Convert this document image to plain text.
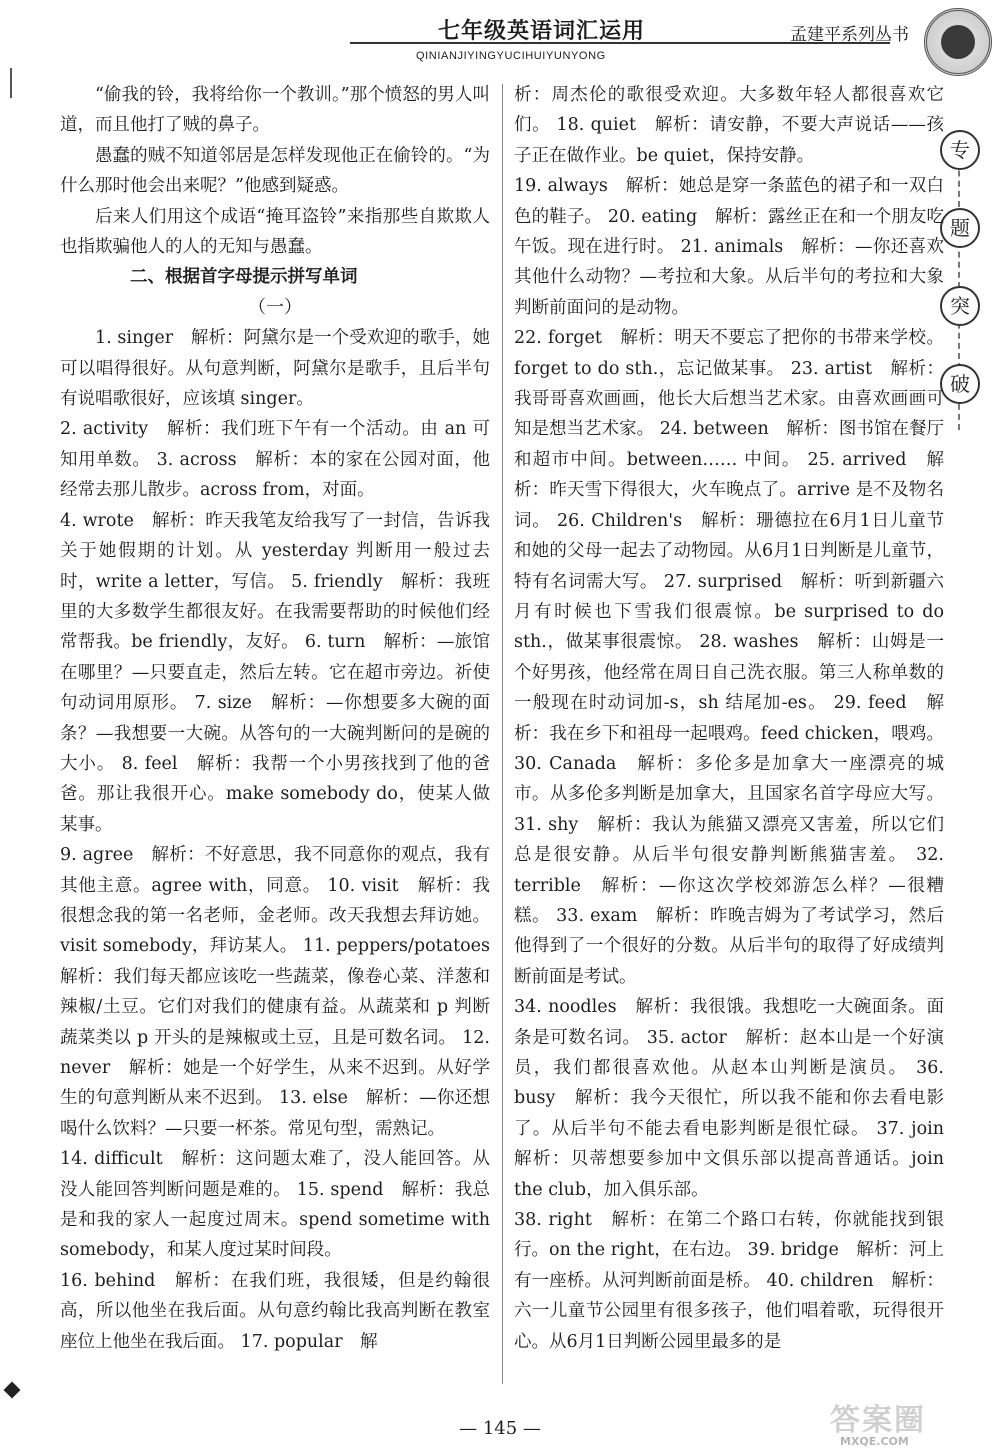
七年级英语词汇运用
QINIANJIYINGYUCIHUIYUNYONG
孟建平系列丛书
专
题
突
破

“偷我的铃，我将给你一个教训。”那个愤怒的男人叫道，而且他打了贼的鼻子。

愚蠢的贼不知道邻居是怎样发现他正在偷铃的。“为什么那时他会出来呢？”他感到疑惑。

后来人们用这个成语“掩耳盗铃”来指那些自欺欺人也指欺骗他人的人的无知与愚蠢。

二、根据首字母提示拼写单词

（一）

1. singer　解析：阿黛尔是一个受欢迎的歌手，她可以唱得很好。从句意判断，阿黛尔是歌手，且后半句有说唱歌很好，应该填 singer。

2. activity　解析：我们班下午有一个活动。由 an 可知用单数。 3. across　解析：本的家在公园对面，他经常去那儿散步。across from，对面。

4. wrote　解析：昨天我笔友给我写了一封信，告诉我关于她假期的计划。从 yesterday 判断用一般过去时，write a letter，写信。 5. friendly　解析：我班里的大多数学生都很友好。在我需要帮助的时候他们经常帮我。be friendly，友好。 6. turn　解析：—旅馆在哪里？—只要直走，然后左转。它在超市旁边。祈使句动词用原形。 7. size　解析：—你想要多大碗的面条？—我想要一大碗。从答句的一大碗判断问的是碗的大小。 8. feel　解析：我帮一个小男孩找到了他的爸爸。那让我很开心。make somebody do，使某人做某事。

9. agree　解析：不好意思，我不同意你的观点，我有其他主意。agree with，同意。 10. visit　解析：我很想念我的第一名老师，金老师。改天我想去拜访她。visit somebody，拜访某人。 11. peppers/potatoes　解析：我们每天都应该吃一些蔬菜，像卷心菜、洋葱和辣椒/土豆。它们对我们的健康有益。从蔬菜和 p 判断蔬菜类以 p 开头的是辣椒或土豆，且是可数名词。 12. never　解析：她是一个好学生，从来不迟到。从好学生的句意判断从来不迟到。 13. else　解析：—你还想喝什么饮料？—只要一杯茶。常见句型，需熟记。

14. difficult　解析：这问题太难了，没人能回答。从没人能回答判断问题是难的。 15. spend　解析：我总是和我的家人一起度过周末。spend sometime with somebody，和某人度过某时间段。

16. behind　解析：在我们班，我很矮，但是约翰很高，所以他坐在我后面。从句意约翰比我高判断在教室座位上他坐在我后面。 17. popular　解

析：周杰伦的歌很受欢迎。大多数年轻人都很喜欢它们。 18. quiet　解析：请安静，不要大声说话——孩子正在做作业。be quiet，保持安静。

19. always　解析：她总是穿一条蓝色的裙子和一双白色的鞋子。 20. eating　解析：露丝正在和一个朋友吃午饭。现在进行时。 21. animals　解析：—你还喜欢其他什么动物？—考拉和大象。从后半句的考拉和大象判断前面问的是动物。

22. forget　解析：明天不要忘了把你的书带来学校。forget to do sth.，忘记做某事。 23. artist　解析：我哥哥喜欢画画，他长大后想当艺术家。由喜欢画画可知是想当艺术家。 24. between　解析：图书馆在餐厅和超市中间。between…… 中间。 25. arrived　解析：昨天雪下得很大，火车晚点了。arrive 是不及物名词。 26. Children's　解析：珊德拉在6月1日儿童节和她的父母一起去了动物园。从6月1日判断是儿童节，特有名词需大写。 27. surprised　解析：听到新疆六月有时候也下雪我们很震惊。be surprised to do sth.，做某事很震惊。 28. washes　解析：山姆是一个好男孩，他经常在周日自己洗衣服。第三人称单数的一般现在时动词加-s，sh 结尾加-es。 29. feed　解析：我在乡下和祖母一起喂鸡。feed chicken，喂鸡。 30. Canada　解析：多伦多是加拿大一座漂亮的城市。从多伦多判断是加拿大，且国家名首字母应大写。 31. shy　解析：我认为熊猫又漂亮又害羞，所以它们总是很安静。从后半句很安静判断熊猫害羞。 32. terrible　解析：—你这次学校郊游怎么样？—很糟糕。 33. exam　解析：昨晚吉姆为了考试学习，然后他得到了一个很好的分数。从后半句的取得了好成绩判断前面是考试。

34. noodles　解析：我很饿。我想吃一大碗面条。面条是可数名词。 35. actor　解析：赵本山是一个好演员，我们都很喜欢他。从赵本山判断是演员。 36. busy　解析：我今天很忙，所以我不能和你去看电影了。从后半句不能去看电影判断是很忙碌。 37. join　解析：贝蒂想要参加中文俱乐部以提高普通话。join the club，加入俱乐部。

38. right　解析：在第二个路口右转，你就能找到银行。on the right，在右边。 39. bridge　解析：河上有一座桥。从河判断前面是桥。 40. children　解析：六一儿童节公园里有很多孩子，他们唱着歌，玩得很开心。从6月1日判断公园里最多的是

— 145 —	答案圈
MXQE.COM
